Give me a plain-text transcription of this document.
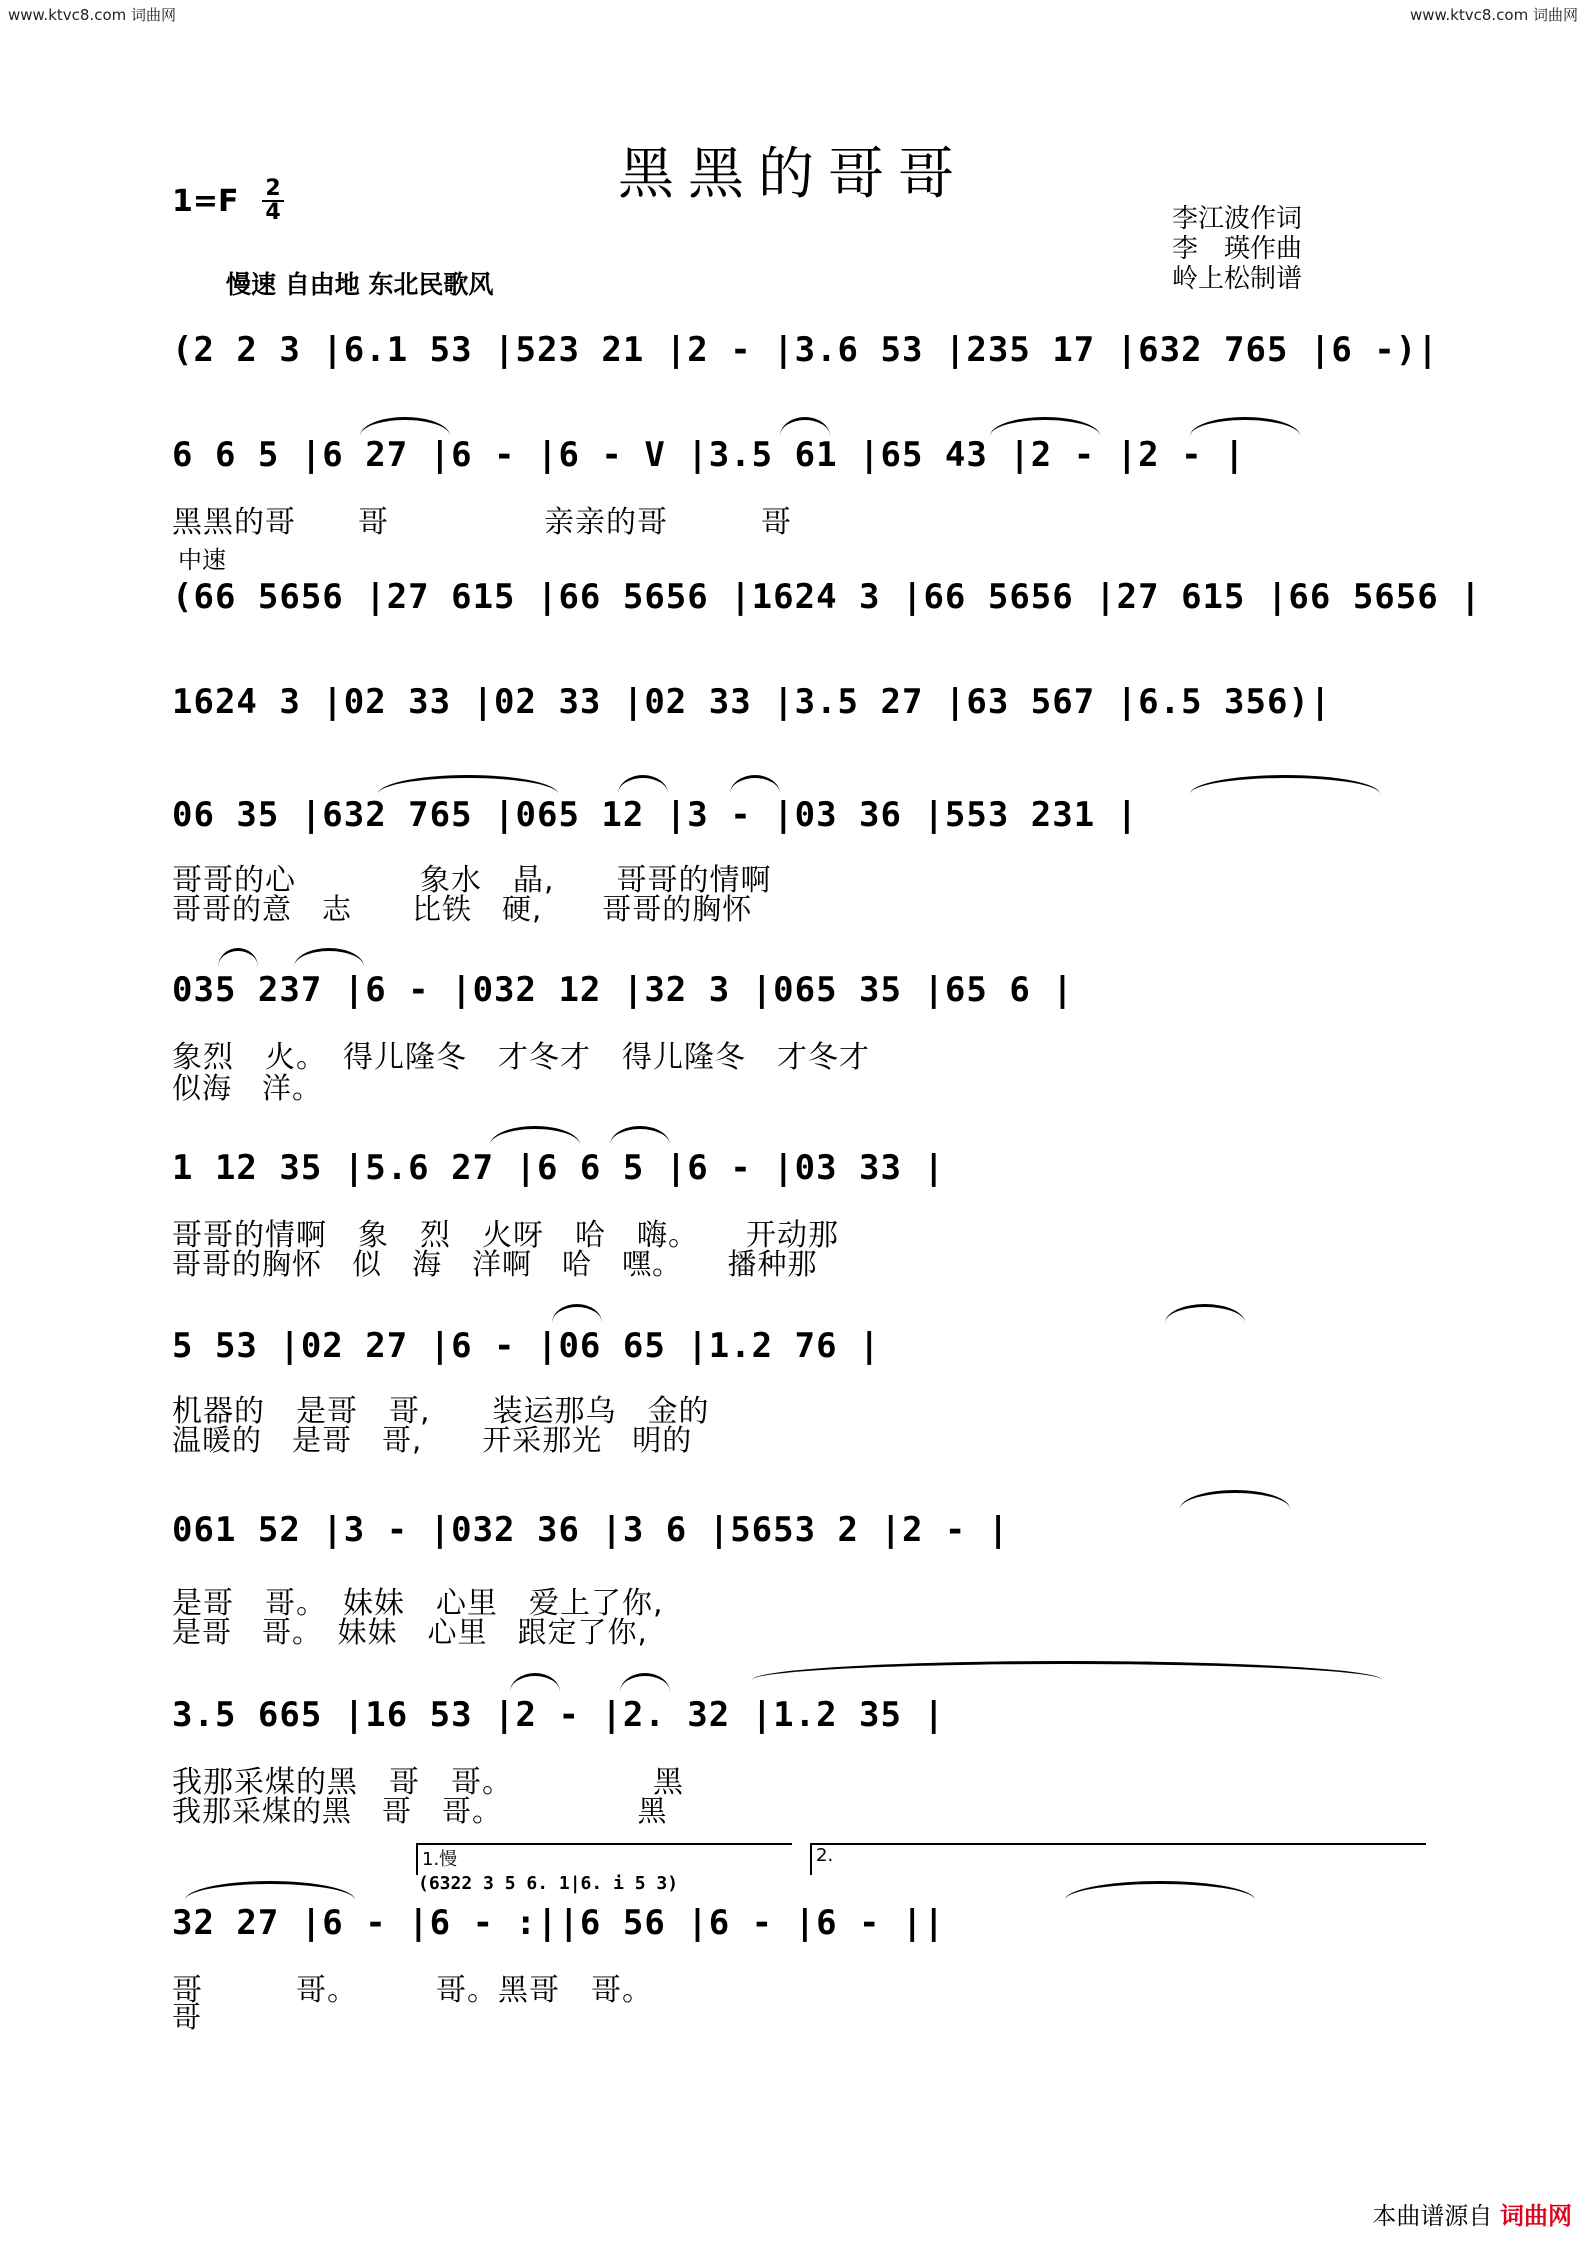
www.ktvc8.com 词曲网	www.ktvc8.com 词曲网
黑黑的哥哥
1=F 2
4	李江波作词
李　瑛作曲
岭上松制谱
慢速 自由地 东北民歌风
中速
(2 2 3 |6.1 53 |523 21 |2 - |3.6 53 |235 17 |632 765 |6 -)|
6 6 5 |6 27 |6 - |6 - V |3.5 61 |65 43 |2 - |2 - |
黑黑的哥　　哥　　　　　亲亲的哥　　　哥
(66 5656 |27 615 |66 5656 |1624 3 |66 5656 |27 615 |66 5656 |
1624 3 |02 33 |02 33 |02 33 |3.5 27 |63 567 |6.5 356)|
06 35 |632 765 |065 12 |3 - |03 36 |553 231 |
哥哥的心　　　　象水　晶,　　哥哥的情啊
哥哥的意　志　　比铁　硬,　　哥哥的胸怀
035 237 |6 - |032 12 |32 3 |065 35 |65 6 |
象烈　火。　得儿隆冬　才冬才　得儿隆冬　才冬才
似海　洋。
1 12 35 |5.6 27 |6 6 5 |6 - |03 33 |
哥哥的情啊　象　烈　火呀　哈　嗨。　　开动那
哥哥的胸怀　似　海　洋啊　哈　嘿。　　播种那
5 53 |02 27 |6 - |06 65 |1.2 76 |
机器的　是哥　哥,　　装运那乌　金的
温暖的　是哥　哥,　　开采那光　明的
061 52 |3 - |032 36 |3 6 |5653 2 |2 - |
是哥　哥。　妹妹　心里　爱上了你,
是哥　哥。　妹妹　心里　跟定了你,
3.5 665 |16 53 |2 - |2. 32 |1.2 35 |
我那采煤的黑　哥　哥。　　　　　黑
我那采煤的黑　哥　哥。　　　　　黑
1.慢	2.
(6322 3 5 6. 1|6. i 5 3)
32 27 |6 - |6 - :||6 56 |6 - |6 - ||
哥　　　哥。　　　哥。黑哥　哥。
哥
本曲谱源自 词曲网
